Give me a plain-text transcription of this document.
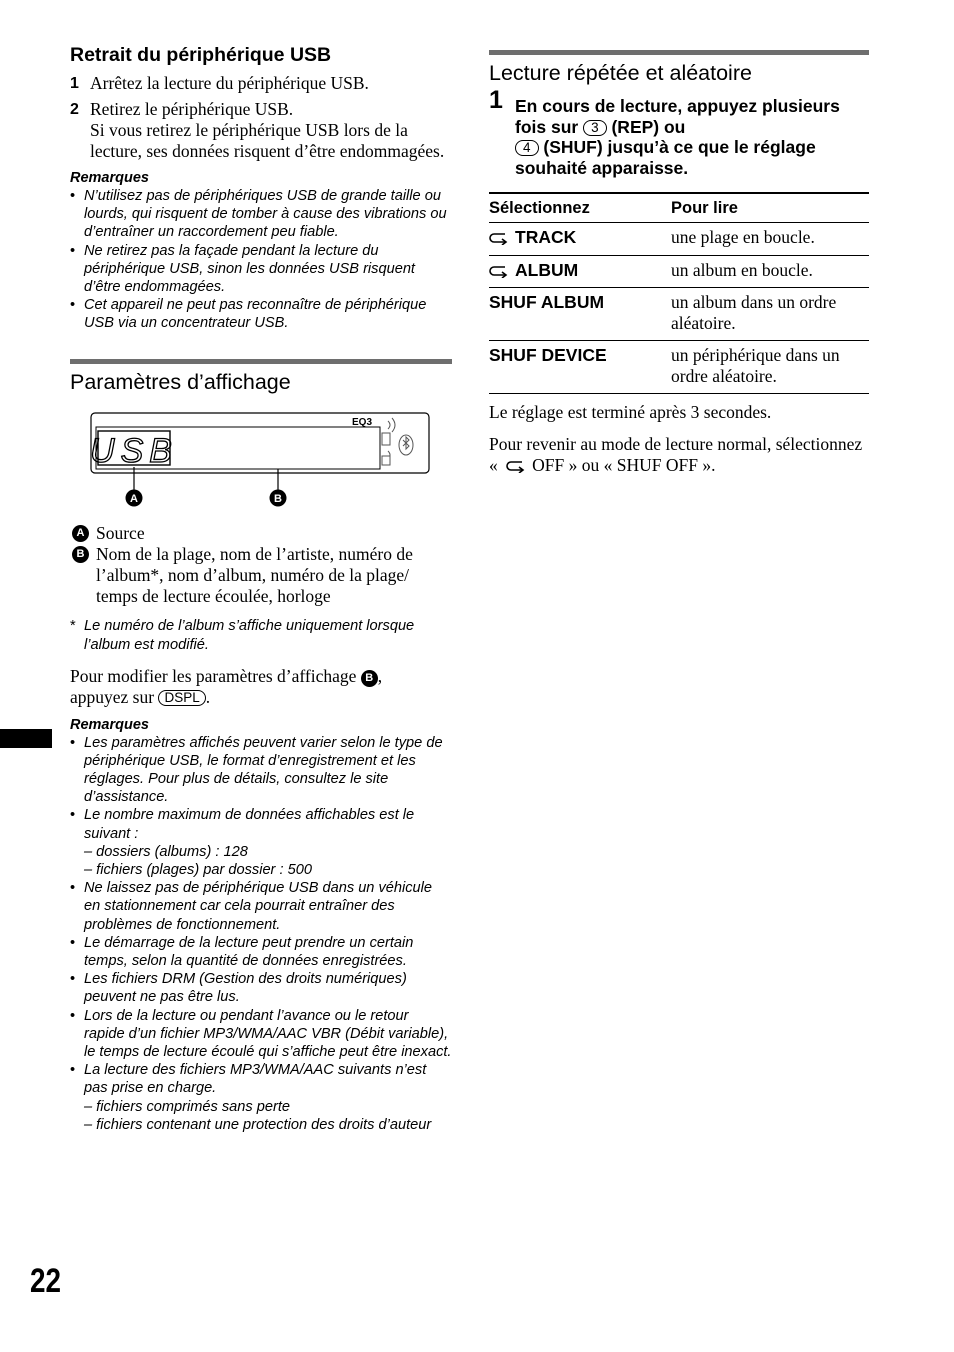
Retrait du périphérique USB
1 Arrêtez la lecture du périphérique USB.
2 Retirez le périphérique USB.
Si vous retirez le périphérique USB lors de la lecture, ses données risquent d’être endommagées.
Remarques
• N’utilisez pas de périphériques USB de grande taille ou lourds, qui risquent de tomber à cause des vibrations ou d’entraîner un raccordement peu fiable.
• Ne retirez pas la façade pendant la lecture du périphérique USB, sinon les données USB risquent d’être endommagées.
• Cet appareil ne peut pas reconnaître de périphérique USB via un concentrateur USB.
Paramètres d’affichage
USB
EQ3
A	B
A Source
B Nom de la plage, nom de l’artiste, numéro de l’album*, nom d’album, numéro de la plage/ temps de lecture écoulée, horloge
* Le numéro de l’album s’affiche uniquement lorsque l’album est modifié.
Pour modifier les paramètres d’affichage B ,
appuyez sur DSPL .
Remarques
• Les paramètres affichés peuvent varier selon le type de périphérique USB, le format d’enregistrement et les réglages. Pour plus de détails, consultez le site d’assistance.
• Le nombre maximum de données affichables est le suivant :
– dossiers (albums) : 128
– fichiers (plages) par dossier : 500
• Ne laissez pas de périphérique USB dans un véhicule en stationnement car cela pourrait entraîner des problèmes de fonctionnement.
• Le démarrage de la lecture peut prendre un certain temps, selon la quantité de données enregistrées.
• Les fichiers DRM (Gestion des droits numériques) peuvent ne pas être lus.
• Lors de la lecture ou pendant l’avance ou le retour rapide d’un fichier MP3/WMA/AAC VBR (Débit variable), le temps de lecture écoulé qui s’affiche peut être inexact.
• La lecture des fichiers MP3/WMA/AAC suivants n’est pas prise en charge.
– fichiers comprimés sans perte
– fichiers contenant une protection des droits d’auteur
Lecture répétée et aléatoire
1 En cours de lecture, appuyez plusieurs fois sur 3 (REP) ou
4 (SHUF) jusqu’à ce que le réglage souhaité apparaisse.
Sélectionnez	Pour lire
TRACK	une plage en boucle.
ALBUM	un album en boucle.
SHUF ALBUM	un album dans un ordre aléatoire.
SHUF DEVICE	un périphérique dans un ordre aléatoire.
Le réglage est terminé après 3 secondes.
Pour revenir au mode de lecture normal, sélectionnez « OFF » ou « SHUF OFF ».
22
